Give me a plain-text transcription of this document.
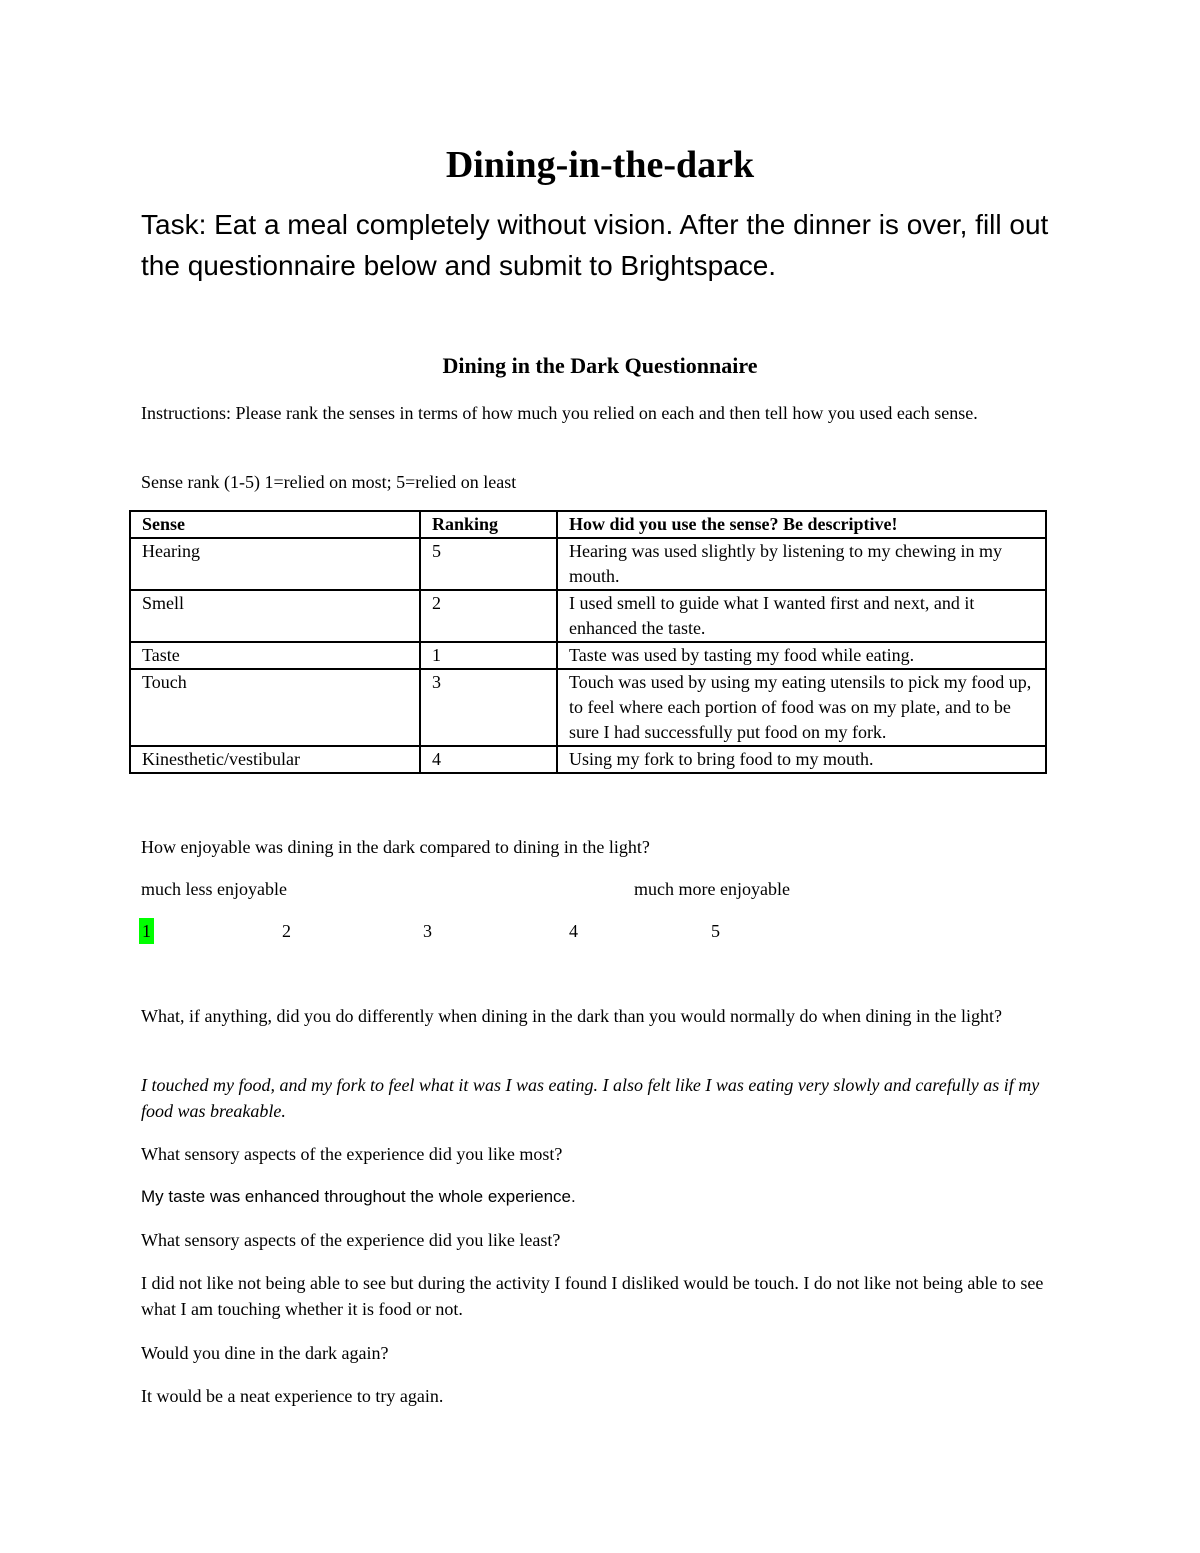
Dining-in-the-dark

Task: Eat a meal completely without vision. After the dinner is over, fill out the questionnaire below and submit to Brightspace.

Dining in the Dark Questionnaire

Instructions: Please rank the senses in terms of how much you relied on each and then tell how you used each sense.

Sense rank (1-5) 1=relied on most; 5=relied on least

Sense	Ranking	How did you use the sense? Be descriptive!
Hearing	5	Hearing was used slightly by listening to my chewing in my mouth.
Smell	2	I used smell to guide what I wanted first and next, and it enhanced the taste.
Taste	1	Taste was used by tasting my food while eating.
Touch	3	Touch was used by using my eating utensils to pick my food up, to feel where each portion of food was on my plate, and to be sure I had successfully put food on my fork.
Kinesthetic/vestibular	4	Using my fork to bring food to my mouth.

How enjoyable was dining in the dark compared to dining in the light?

much less enjoyable	much more enjoyable
1	2	3	4	5

What, if anything, did you do differently when dining in the dark than you would normally do when dining in the light?

I touched my food, and my fork to feel what it was I was eating. I also felt like I was eating very slowly and carefully as if my food was breakable.

What sensory aspects of the experience did you like most?

My taste was enhanced throughout the whole experience.

What sensory aspects of the experience did you like least?

I did not like not being able to see but during the activity I found I disliked would be touch. I do not like not being able to see what I am touching whether it is food or not.

Would you dine in the dark again?

It would be a neat experience to try again.
